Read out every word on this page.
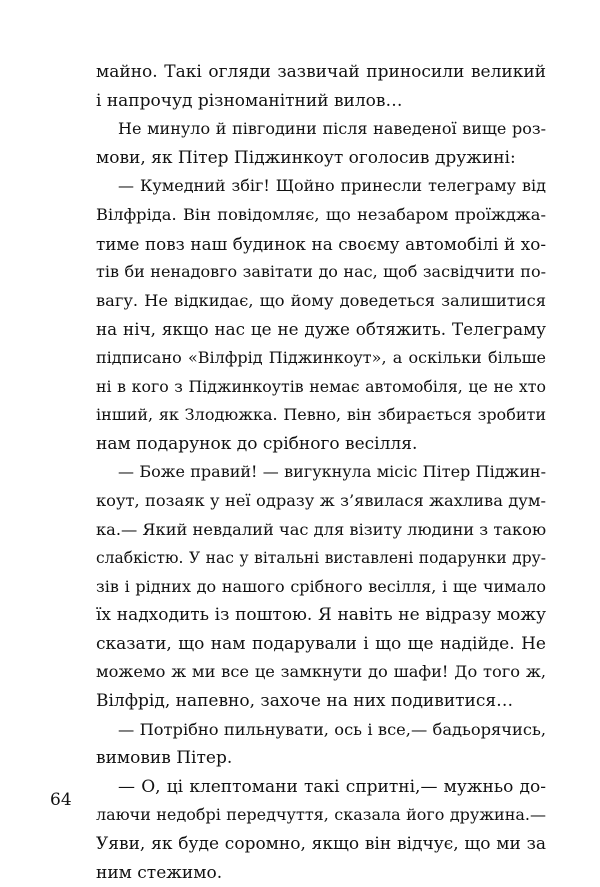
майно. Такі огляди зазвичай приносили великий
і напрочуд різноманітний вилов…
Не минуло й півгодини після наведеної вище роз-
мови, як Пітер Піджинкоут оголосив дружині:
— Кумедний збіг! Щойно принесли телеграму від
Вілфріда. Він повідомляє, що незабаром проїжджа-
тиме повз наш будинок на своєму автомобілі й хо-
тів би ненадовго завітати до нас, щоб засвідчити по-
вагу. Не відкидає, що йому доведеться залишитися
на ніч, якщо нас це не дуже обтяжить. Телеграму
підписано «Вілфрід Піджинкоут», а оскільки більше
ні в кого з Піджинкоутів немає автомобіля, це не хто
інший, як Злодюжка. Певно, він збирається зробити
нам подарунок до срібного весілля.
— Боже правий! — вигукнула місіс Пітер Піджин-
коут, позаяк у неї одразу ж з’явилася жахлива дум-
ка.— Який невдалий час для візиту людини з такою
слабкістю. У нас у вітальні виставлені подарунки дру-
зів і рідних до нашого срібного весілля, і ще чимало
їх надходить із поштою. Я навіть не відразу можу
сказати, що нам подарували і що ще надійде. Не
можемо ж ми все це замкнути до шафи! До того ж,
Вілфрід, напевно, захоче на них подивитися…
— Потрібно пильнувати, ось і все,— бадьорячись,
вимовив Пітер.
— О, ці клептомани такі спритні,— мужньо до-
лаючи недобрі передчуття, сказала його дружина.—
Уяви, як буде соромно, якщо він відчує, що ми за
ним стежимо.
64
